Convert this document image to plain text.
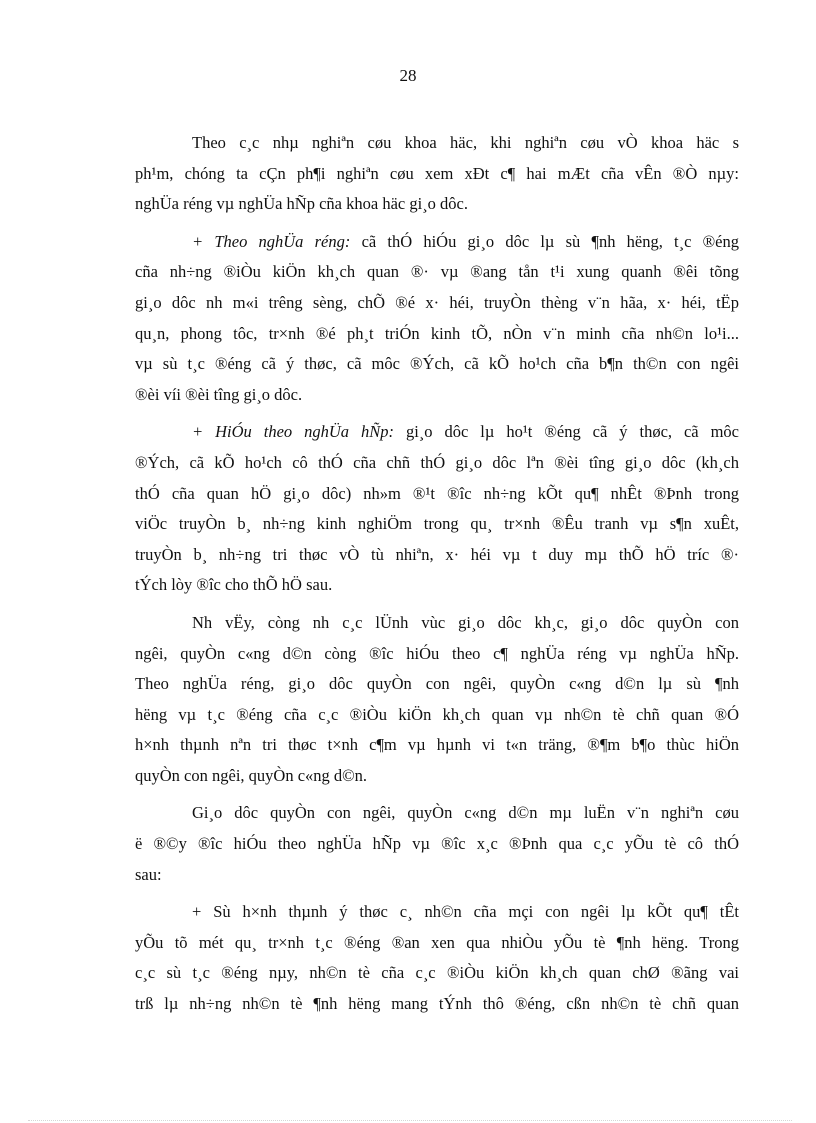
28
Theo c¸c nhµ nghiªn cøu khoa häc, khi nghiªn cøu vÒ khoa häc s
ph¹m, chóng ta cÇn ph¶i nghiªn cøu xem xÐt c¶ hai mÆt cña vÊn ®Ò nµy:
nghÜa réng vµ nghÜa hÑp cña khoa häc gi¸o dôc.
+ Theo nghÜa réng: cã thÓ hiÓu gi¸o dôc lµ sù ¶nh hëng, t¸c ®éng
cña nh÷ng ®iÒu kiÖn kh¸ch quan ®· vµ ®ang tån t¹i xung quanh ®êi tõng
gi¸o dôc nh m«i trêng sèng, chÕ ®é x· héi, truyÒn thèng v¨n hãa, x· héi, tËp
qu¸n, phong tôc, tr×nh ®é ph¸t triÓn kinh tÕ, nÒn v¨n minh cña nh©n lo¹i...
vµ sù t¸c ®éng cã ý thøc, cã môc ®Ých, cã kÕ ho¹ch cña b¶n th©n con ngêi
®èi víi ®èi tîng gi¸o dôc.
+ HiÓu theo nghÜa hÑp: gi¸o dôc lµ ho¹t ®éng cã ý thøc, cã môc
®Ých, cã kÕ ho¹ch cô thÓ cña chñ thÓ gi¸o dôc lªn ®èi tîng gi¸o dôc (kh¸ch
thÓ cña quan hÖ gi¸o dôc) nh»m ®¹t ®îc nh÷ng kÕt qu¶ nhÊt ®Þnh trong
viÖc truyÒn b¸ nh÷ng kinh nghiÖm trong qu¸ tr×nh ®Êu tranh vµ s¶n xuÊt,
truyÒn b¸ nh÷ng tri thøc vÒ tù nhiªn, x· héi vµ t duy mµ thÕ hÖ tríc ®·
tÝch lòy ®îc cho thÕ hÖ sau.
Nh vËy, còng nh c¸c lÜnh vùc gi¸o dôc kh¸c, gi¸o dôc quyÒn con
ngêi, quyÒn c«ng d©n còng ®îc hiÓu theo c¶ nghÜa réng vµ nghÜa hÑp.
Theo nghÜa réng, gi¸o dôc quyÒn con ngêi, quyÒn c«ng d©n lµ sù ¶nh
hëng vµ t¸c ®éng cña c¸c ®iÒu kiÖn kh¸ch quan vµ nh©n tè chñ quan ®Ó
h×nh thµnh nªn tri thøc t×nh c¶m vµ hµnh vi t«n träng, ®¶m b¶o thùc hiÖn
quyÒn con ngêi, quyÒn c«ng d©n.
Gi¸o dôc quyÒn con ngêi, quyÒn c«ng d©n mµ luËn v¨n nghiªn cøu
ë ®©y ®îc hiÓu theo nghÜa hÑp vµ ®îc x¸c ®Þnh qua c¸c yÕu tè cô thÓ
sau:
+ Sù h×nh thµnh ý thøc c¸ nh©n cña mçi con ngêi lµ kÕt qu¶ tÊt
yÕu tõ mét qu¸ tr×nh t¸c ®éng ®an xen qua nhiÒu yÕu tè ¶nh hëng. Trong
c¸c sù t¸c ®éng nµy, nh©n tè cña c¸c ®iÒu kiÖn kh¸ch quan chØ ®ãng vai
trß lµ nh÷ng nh©n tè ¶nh hëng mang tÝnh thô ®éng, cßn nh©n tè chñ quan
